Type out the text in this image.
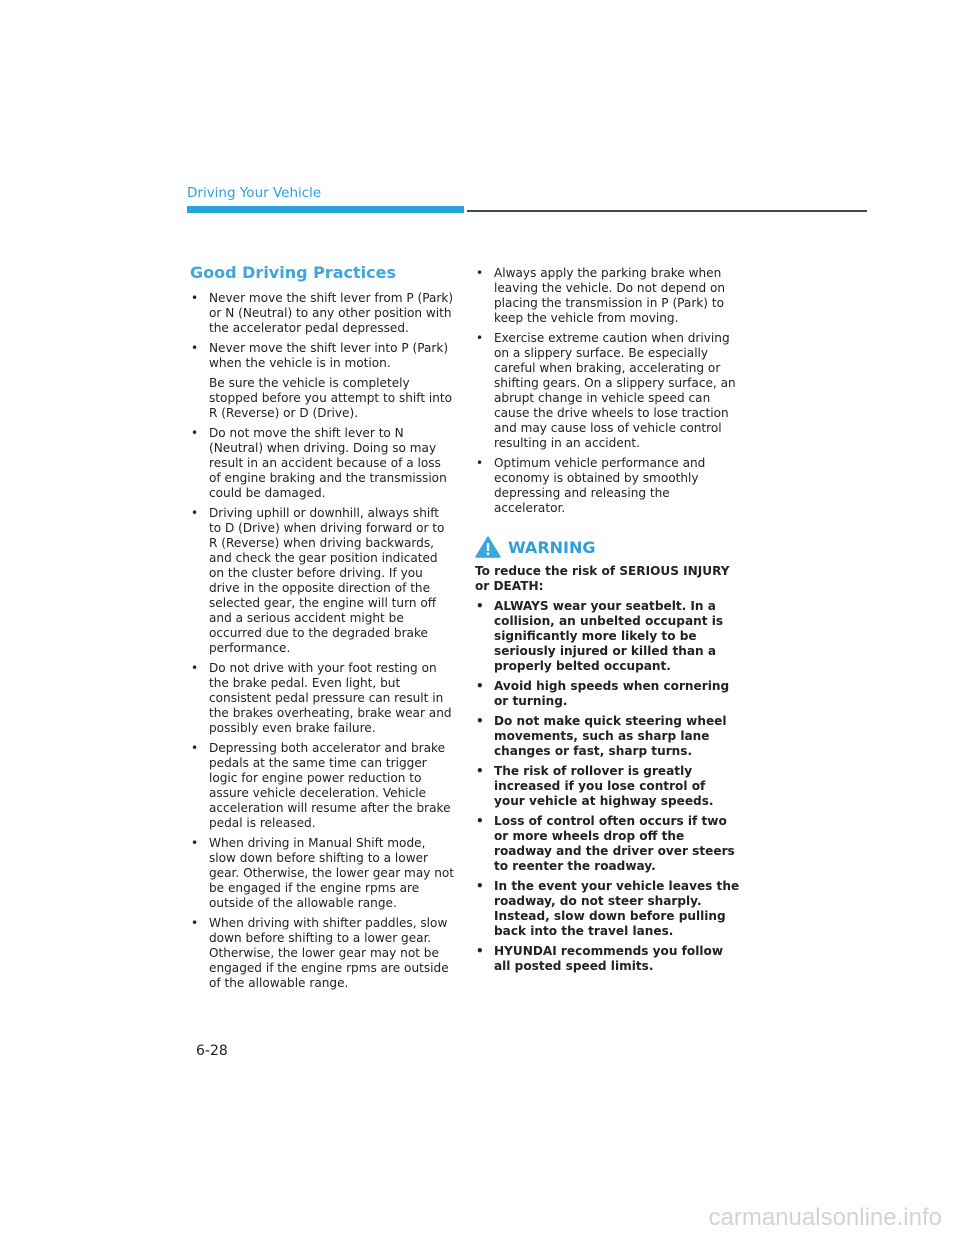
Driving Your Vehicle
Good Driving Practices
• Never move the shift lever from P (Park) or N (Neutral) to any other position with the accelerator pedal depressed.
• Never move the shift lever into P (Park) when the vehicle is in motion.
Be sure the vehicle is completely stopped before you attempt to shift into R (Reverse) or D (Drive).
• Do not move the shift lever to N (Neutral) when driving. Doing so may result in an accident because of a loss of engine braking and the transmission could be damaged.
• Driving uphill or downhill, always shift to D (Drive) when driving forward or to R (Reverse) when driving backwards, and check the gear position indicated on the cluster before driving. If you drive in the opposite direction of the selected gear, the engine will turn off and a serious accident might be occurred due to the degraded brake performance.
• Do not drive with your foot resting on the brake pedal. Even light, but consistent pedal pressure can result in the brakes overheating, brake wear and possibly even brake failure.
• Depressing both accelerator and brake pedals at the same time can trigger logic for engine power reduction to assure vehicle deceleration. Vehicle acceleration will resume after the brake pedal is released.
• When driving in Manual Shift mode, slow down before shifting to a lower gear. Otherwise, the lower gear may not be engaged if the engine rpms are outside of the allowable range.
• When driving with shifter paddles, slow down before shifting to a lower gear. Otherwise, the lower gear may not be engaged if the engine rpms are outside of the allowable range.
• Always apply the parking brake when leaving the vehicle. Do not depend on placing the transmission in P (Park) to keep the vehicle from moving.
• Exercise extreme caution when driving on a slippery surface. Be especially careful when braking, accelerating or shifting gears. On a slippery surface, an abrupt change in vehicle speed can cause the drive wheels to lose traction and may cause loss of vehicle control resulting in an accident.
• Optimum vehicle performance and economy is obtained by smoothly depressing and releasing the accelerator.
WARNING
To reduce the risk of SERIOUS INJURY or DEATH:
• ALWAYS wear your seatbelt. In a collision, an unbelted occupant is significantly more likely to be seriously injured or killed than a properly belted occupant.
• Avoid high speeds when cornering or turning.
• Do not make quick steering wheel movements, such as sharp lane changes or fast, sharp turns.
• The risk of rollover is greatly increased if you lose control of your vehicle at highway speeds.
• Loss of control often occurs if two or more wheels drop off the roadway and the driver over steers to reenter the roadway.
• In the event your vehicle leaves the roadway, do not steer sharply. Instead, slow down before pulling back into the travel lanes.
• HYUNDAI recommends you follow all posted speed limits.
6-28
carmanualsonline.info
